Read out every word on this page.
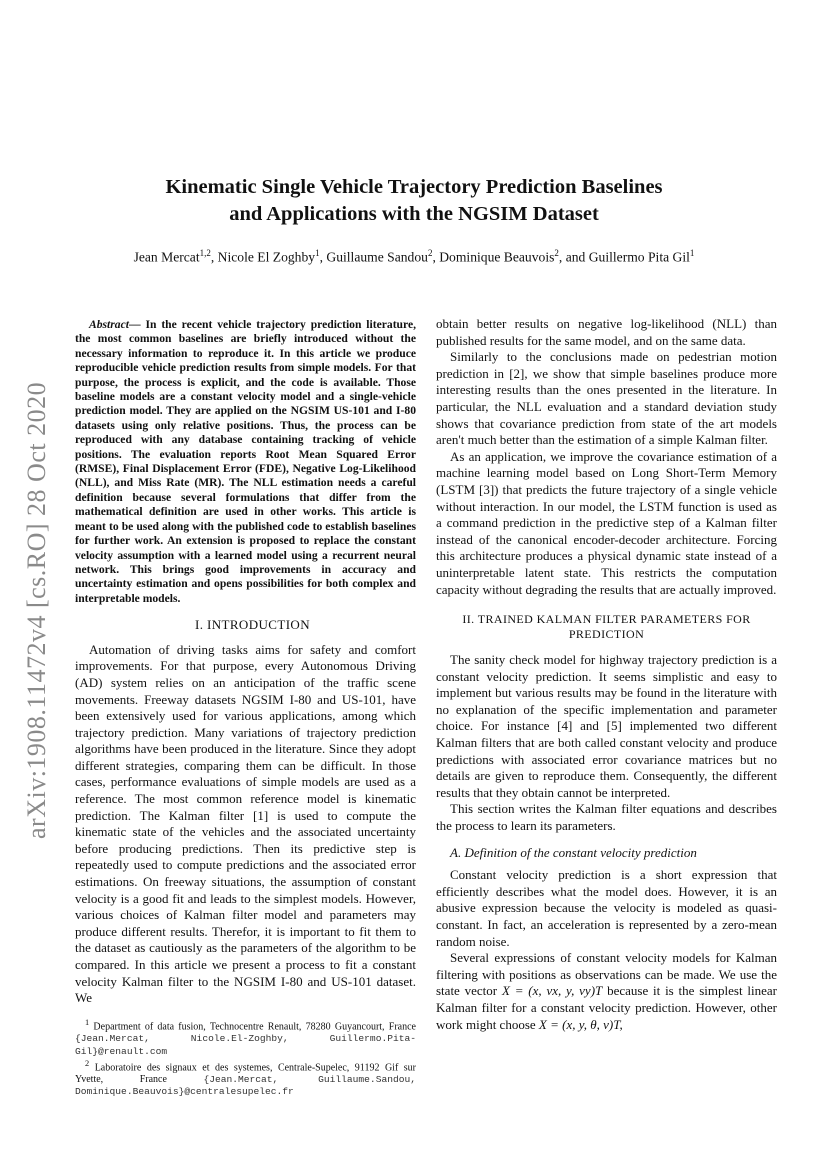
arXiv:1908.11472v4 [cs.RO] 28 Oct 2020
Kinematic Single Vehicle Trajectory Prediction Baselines
and Applications with the NGSIM Dataset
Jean Mercat$^{1,2}$, Nicole El Zoghby$^1$, Guillaume Sandou$^2$, Dominique Beauvois$^2$, and Guillermo Pita Gil$^1$

Abstract— In the recent vehicle trajectory prediction literature, the most common baselines are briefly introduced without the necessary information to reproduce it. In this article we produce reproducible vehicle prediction results from simple models. For that purpose, the process is explicit, and the code is available. Those baseline models are a constant velocity model and a single-vehicle prediction model. They are applied on the NGSIM US-101 and I-80 datasets using only relative positions. Thus, the process can be reproduced with any database containing tracking of vehicle positions. The evaluation reports Root Mean Squared Error (RMSE), Final Displacement Error (FDE), Negative Log-Likelihood (NLL), and Miss Rate (MR). The NLL estimation needs a careful definition because several formulations that differ from the mathematical definition are used in other works. This article is meant to be used along with the published code to establish baselines for further work. An extension is proposed to replace the constant velocity assumption with a learned model using a recurrent neural network. This brings good improvements in accuracy and uncertainty estimation and opens possibilities for both complex and interpretable models.

I. INTRODUCTION

Automation of driving tasks aims for safety and comfort improvements. For that purpose, every Autonomous Driving (AD) system relies on an anticipation of the traffic scene movements. Freeway datasets NGSIM I-80 and US-101, have been extensively used for various applications, among which trajectory prediction. Many variations of trajectory prediction algorithms have been produced in the literature. Since they adopt different strategies, comparing them can be difficult. In those cases, performance evaluations of simple models are used as a reference. The most common reference model is kinematic prediction. The Kalman filter [1] is used to compute the kinematic state of the vehicles and the associated uncertainty before producing predictions. Then its predictive step is repeatedly used to compute predictions and the associated error estimations. On freeway situations, the assumption of constant velocity is a good fit and leads to the simplest models. However, various choices of Kalman filter model and parameters may produce different results. Therefor, it is important to fit them to the dataset as cautiously as the parameters of the algorithm to be compared. In this article we present a process to fit a constant velocity Kalman filter to the NGSIM I-80 and US-101 dataset. We

$^1$ Department of data fusion, Technocentre Renault, 78280 Guyancourt, France {Jean.Mercat, Nicole.El-Zoghby, Guillermo.Pita-Gil}@renault.com

$^2$ Laboratoire des signaux et des systemes, Centrale-Supelec, 91192 Gif sur Yvette, France	{Jean.Mercat, Guillaume.Sandou, Dominique.Beauvois}@centralesupelec.fr

obtain better results on negative log-likelihood (NLL) than published results for the same model, and on the same data.

Similarly to the conclusions made on pedestrian motion prediction in [2], we show that simple baselines produce more interesting results than the ones presented in the literature. In particular, the NLL evaluation and a standard deviation study shows that covariance prediction from state of the art models aren't much better than the estimation of a simple Kalman filter.

As an application, we improve the covariance estimation of a machine learning model based on Long Short-Term Memory (LSTM [3]) that predicts the future trajectory of a single vehicle without interaction. In our model, the LSTM function is used as a command prediction in the predictive step of a Kalman filter instead of the canonical encoder-decoder architecture. Forcing this architecture produces a physical dynamic state instead of a uninterpretable latent state. This restricts the computation capacity without degrading the results that are actually improved.

II. TRAINED KALMAN FILTER PARAMETERS FOR
PREDICTION

The sanity check model for highway trajectory prediction is a constant velocity prediction. It seems simplistic and easy to implement but various results may be found in the literature with no explanation of the specific implementation and parameter choice. For instance [4] and [5] implemented two different Kalman filters that are both called constant velocity and produce predictions with associated error covariance matrices but no details are given to reproduce them. Consequently, the different results that they obtain cannot be interpreted.

This section writes the Kalman filter equations and describes the process to learn its parameters.

A. Definition of the constant velocity prediction

Constant velocity prediction is a short expression that efficiently describes what the model does. However, it is an abusive expression because the velocity is modeled as quasi-constant. In fact, an acceleration is represented by a zero-mean random noise.

Several expressions of constant velocity models for Kalman filtering with positions as observations can be made. We use the state vector X = (x, vx, y, vy)T because it is the simplest linear Kalman filter for a constant velocity prediction. However, other work might choose X = (x, y, θ, v)T,
